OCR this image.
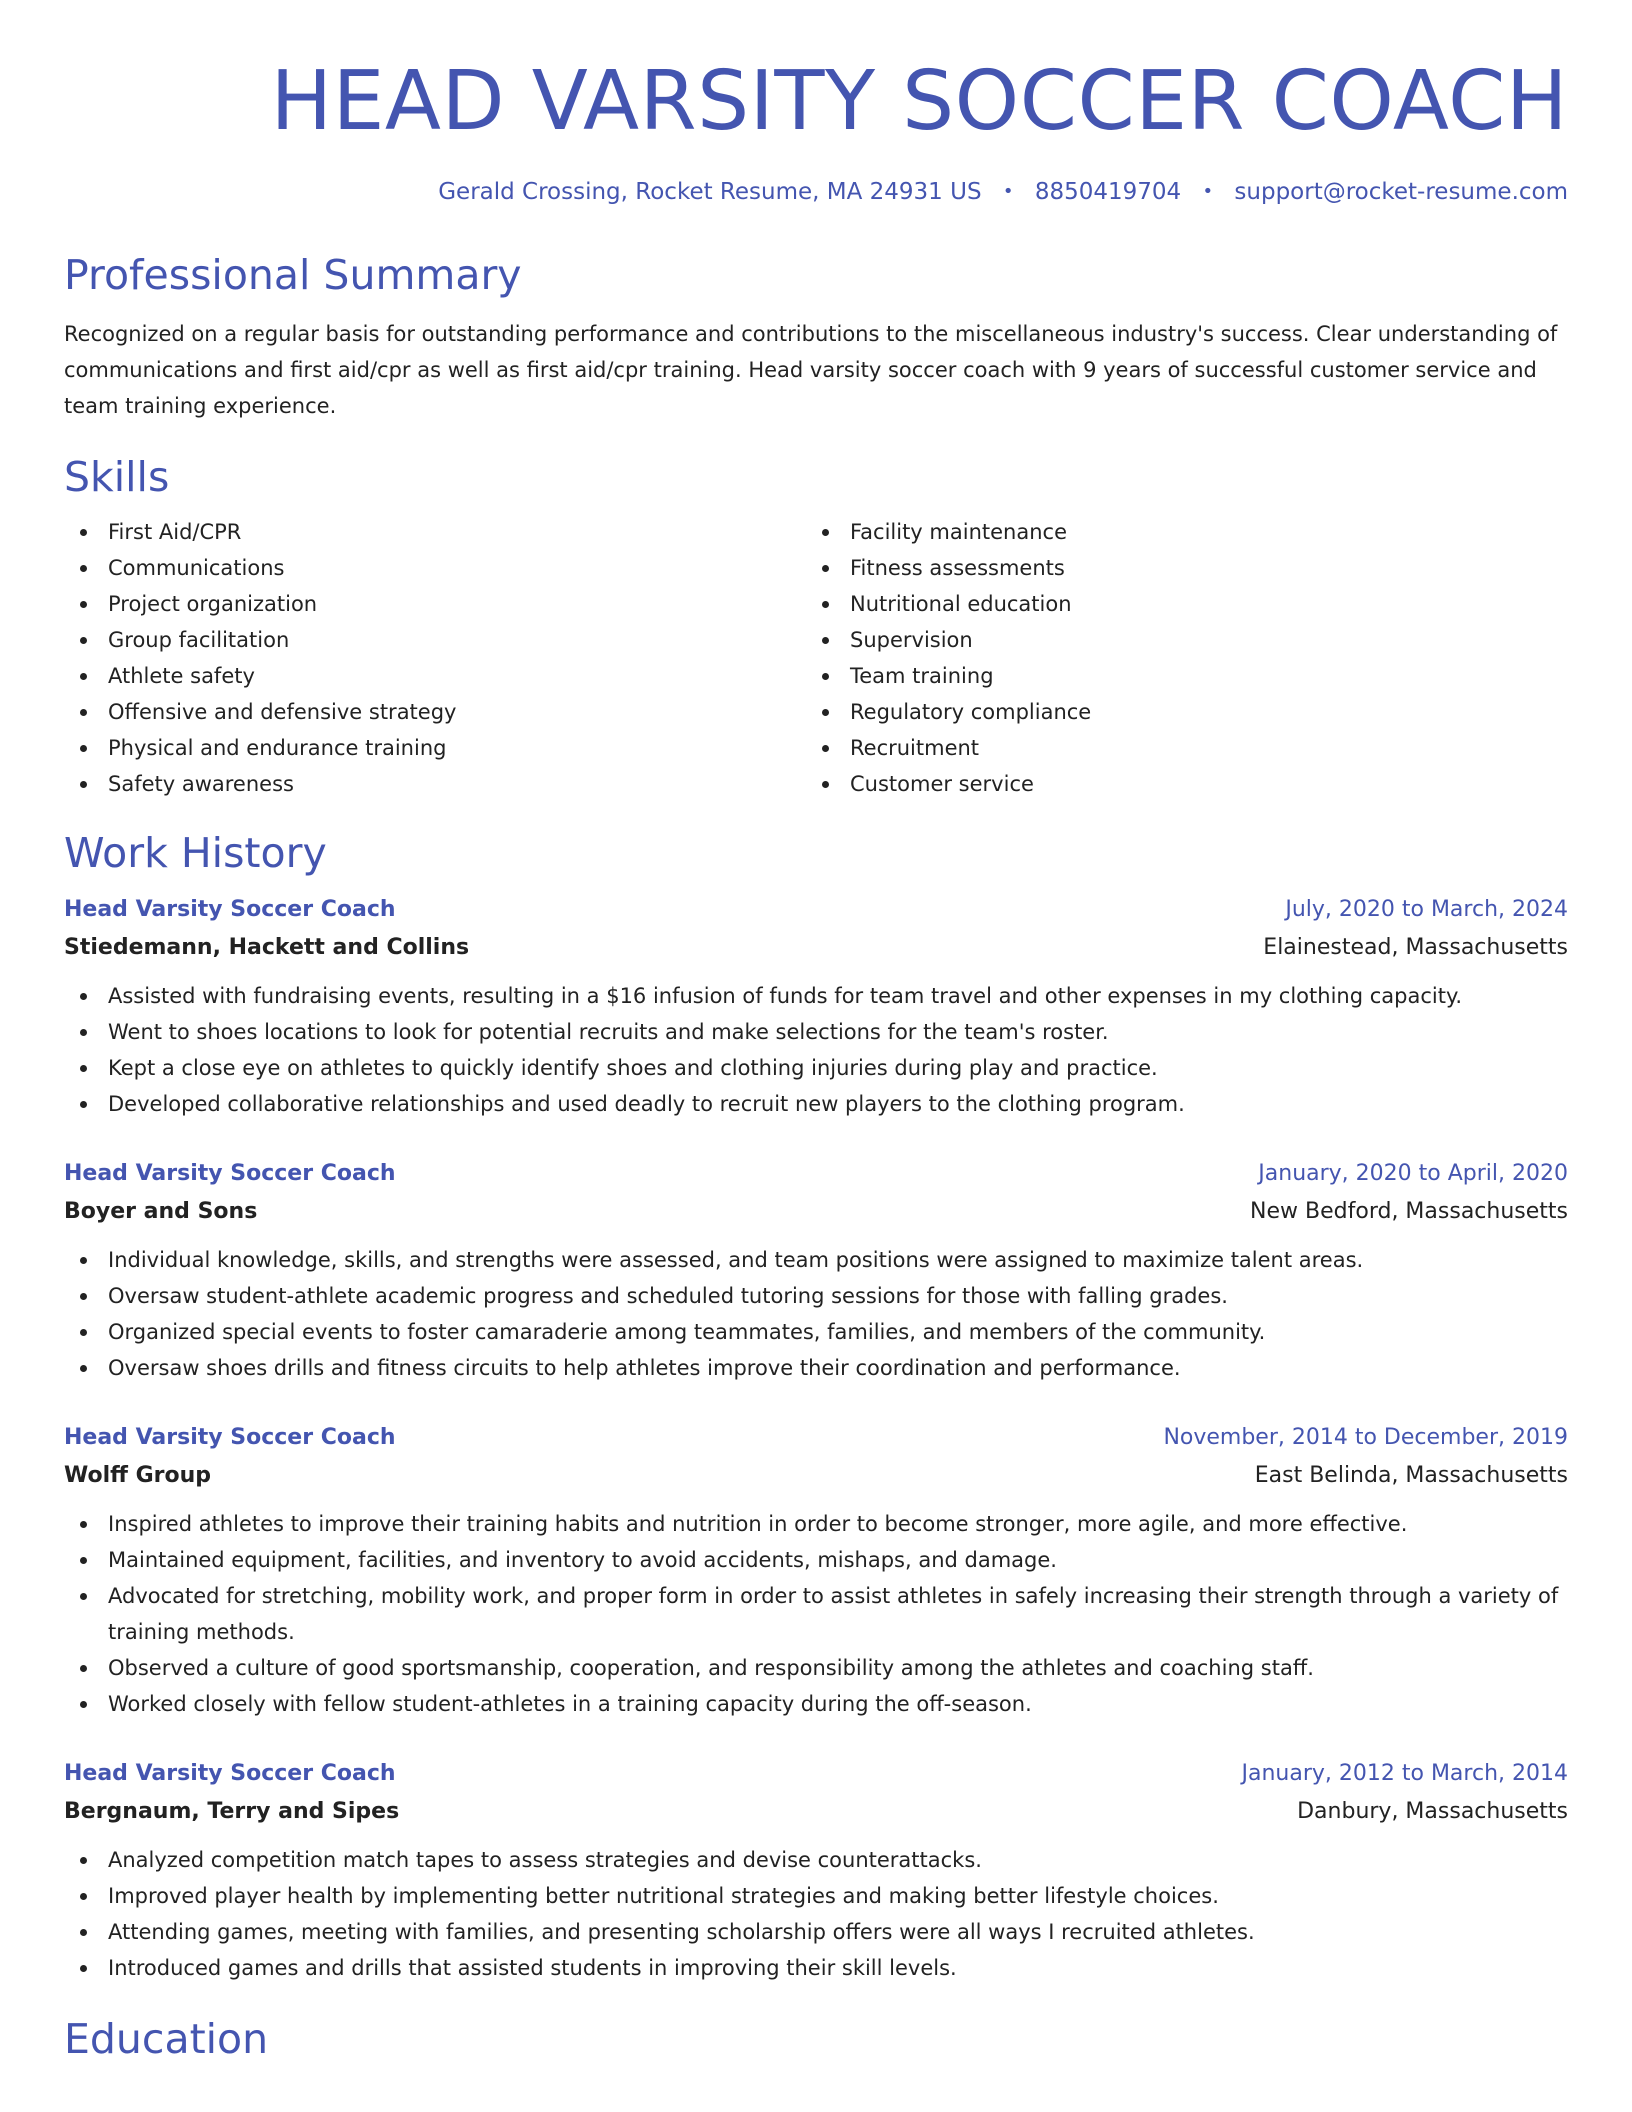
HEAD VARSITY SOCCER COACH
Gerald Crossing, Rocket Resume, MA 24931 US • 8850419704 • support@rocket-resume.com
Professional Summary

Recognized on a regular basis for outstanding performance and contributions to the miscellaneous industry's success. Clear understanding of communications and first aid/cpr as well as first aid/cpr training. Head varsity soccer coach with 9 years of successful customer service and team training experience.

Skills
First Aid/CPR
Communications
Project organization
Group facilitation
Athlete safety
Offensive and defensive strategy
Physical and endurance training
Safety awareness
Facility maintenance
Fitness assessments
Nutritional education
Supervision
Team training
Regulatory compliance
Recruitment
Customer service
Work History
Head Varsity Soccer Coach	July, 2020 to March, 2024
Stiedemann, Hackett and Collins	Elainestead, Massachusetts
Assisted with fundraising events, resulting in a $16 infusion of funds for team travel and other expenses in my clothing capacity.
Went to shoes locations to look for potential recruits and make selections for the team's roster.
Kept a close eye on athletes to quickly identify shoes and clothing injuries during play and practice.
Developed collaborative relationships and used deadly to recruit new players to the clothing program.
Head Varsity Soccer Coach	January, 2020 to April, 2020
Boyer and Sons	New Bedford, Massachusetts
Individual knowledge, skills, and strengths were assessed, and team positions were assigned to maximize talent areas.
Oversaw student-athlete academic progress and scheduled tutoring sessions for those with falling grades.
Organized special events to foster camaraderie among teammates, families, and members of the community.
Oversaw shoes drills and fitness circuits to help athletes improve their coordination and performance.
Head Varsity Soccer Coach	November, 2014 to December, 2019
Wolff Group	East Belinda, Massachusetts
Inspired athletes to improve their training habits and nutrition in order to become stronger, more agile, and more effective.
Maintained equipment, facilities, and inventory to avoid accidents, mishaps, and damage.
Advocated for stretching, mobility work, and proper form in order to assist athletes in safely increasing their strength through a variety of training methods.
Observed a culture of good sportsmanship, cooperation, and responsibility among the athletes and coaching staff.
Worked closely with fellow student-athletes in a training capacity during the off-season.
Head Varsity Soccer Coach	January, 2012 to March, 2014
Bergnaum, Terry and Sipes	Danbury, Massachusetts
Analyzed competition match tapes to assess strategies and devise counterattacks.
Improved player health by implementing better nutritional strategies and making better lifestyle choices.
Attending games, meeting with families, and presenting scholarship offers were all ways I recruited athletes.
Introduced games and drills that assisted students in improving their skill levels.
Education
